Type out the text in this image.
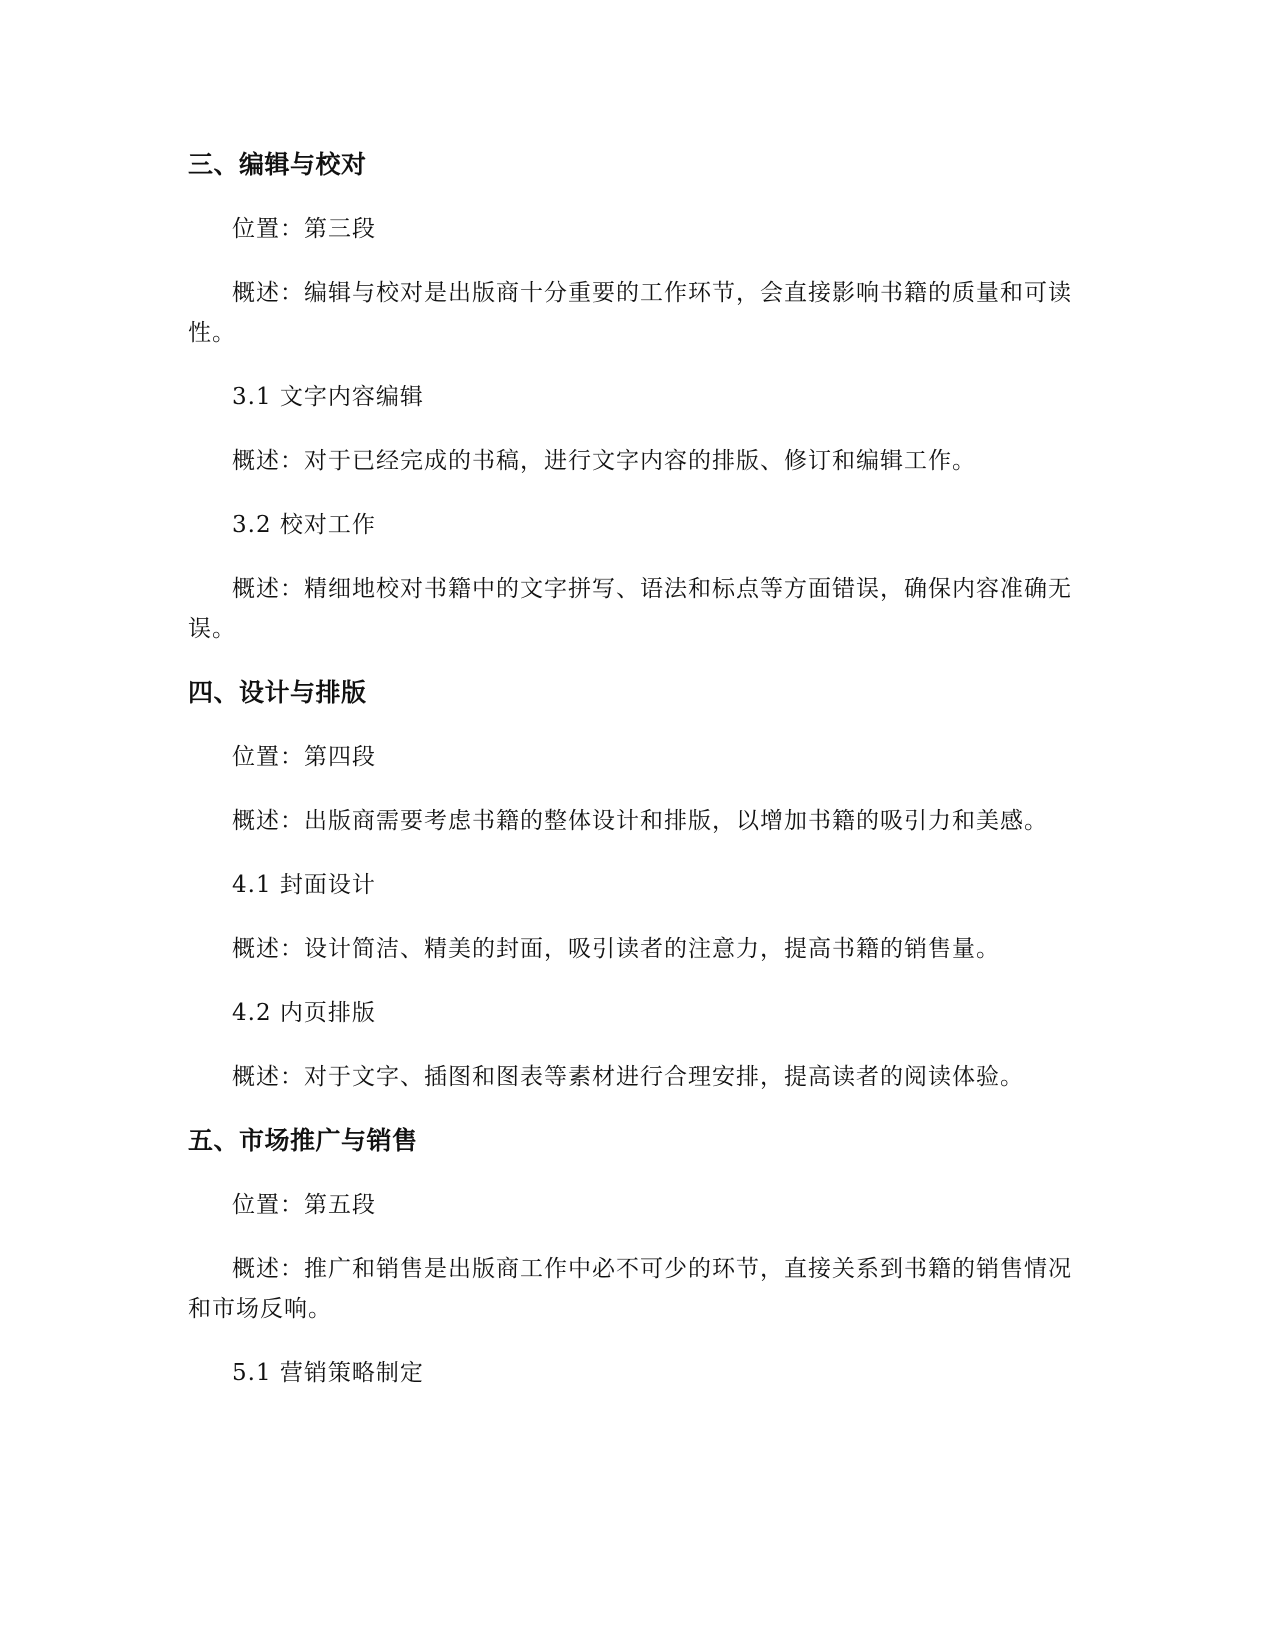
三、编辑与校对
位置：第三段
概述：编辑与校对是出版商十分重要的工作环节，会直接影响书籍的质量和可读性。
3.1 文字内容编辑
概述：对于已经完成的书稿，进行文字内容的排版、修订和编辑工作。
3.2 校对工作
概述：精细地校对书籍中的文字拼写、语法和标点等方面错误，确保内容准确无误。
四、设计与排版
位置：第四段
概述：出版商需要考虑书籍的整体设计和排版，以增加书籍的吸引力和美感。
4.1 封面设计
概述：设计简洁、精美的封面，吸引读者的注意力，提高书籍的销售量。
4.2 内页排版
概述：对于文字、插图和图表等素材进行合理安排，提高读者的阅读体验。
五、市场推广与销售
位置：第五段
概述：推广和销售是出版商工作中必不可少的环节，直接关系到书籍的销售情况和市场反响。
5.1 营销策略制定
